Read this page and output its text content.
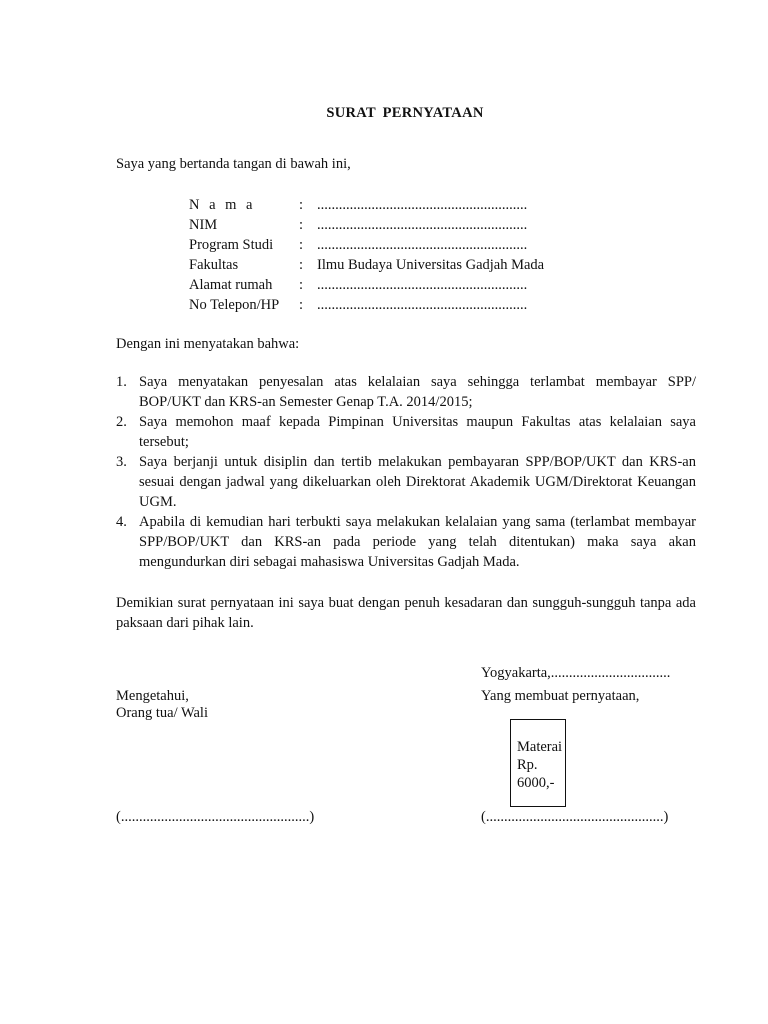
SURAT PERNYATAAN
Saya yang bertanda tangan di bawah ini,
N a m a	:	..........................................................
NIM	:	..........................................................
Program Studi	:	..........................................................
Fakultas	:	Ilmu Budaya Universitas Gadjah Mada
Alamat rumah	:	..........................................................
No Telepon/HP	:	..........................................................
Dengan ini menyatakan bahwa:
1. Saya menyatakan penyesalan atas kelalaian saya sehingga terlambat membayar SPP/ BOP/UKT dan KRS-an Semester Genap T.A. 2014/2015;
2. Saya memohon maaf kepada Pimpinan Universitas maupun Fakultas atas kelalaian saya tersebut;
3. Saya berjanji untuk disiplin dan tertib melakukan pembayaran SPP/BOP/UKT dan KRS-an sesuai dengan jadwal yang dikeluarkan oleh Direktorat Akademik UGM/Direktorat Keuangan UGM.
4. Apabila di kemudian hari terbukti saya melakukan kelalaian yang sama (terlambat membayar SPP/BOP/UKT dan KRS-an pada periode yang telah ditentukan) maka saya akan mengundurkan diri sebagai mahasiswa Universitas Gadjah Mada.
Demikian surat pernyataan ini saya buat dengan penuh kesadaran dan sungguh-sungguh tanpa ada paksaan dari pihak lain.
Yogyakarta,.................................
Yang membuat pernyataan,
Mengetahui,
Orang tua/ Wali
Materai
Rp.
6000,-
(....................................................)	(.................................................)
